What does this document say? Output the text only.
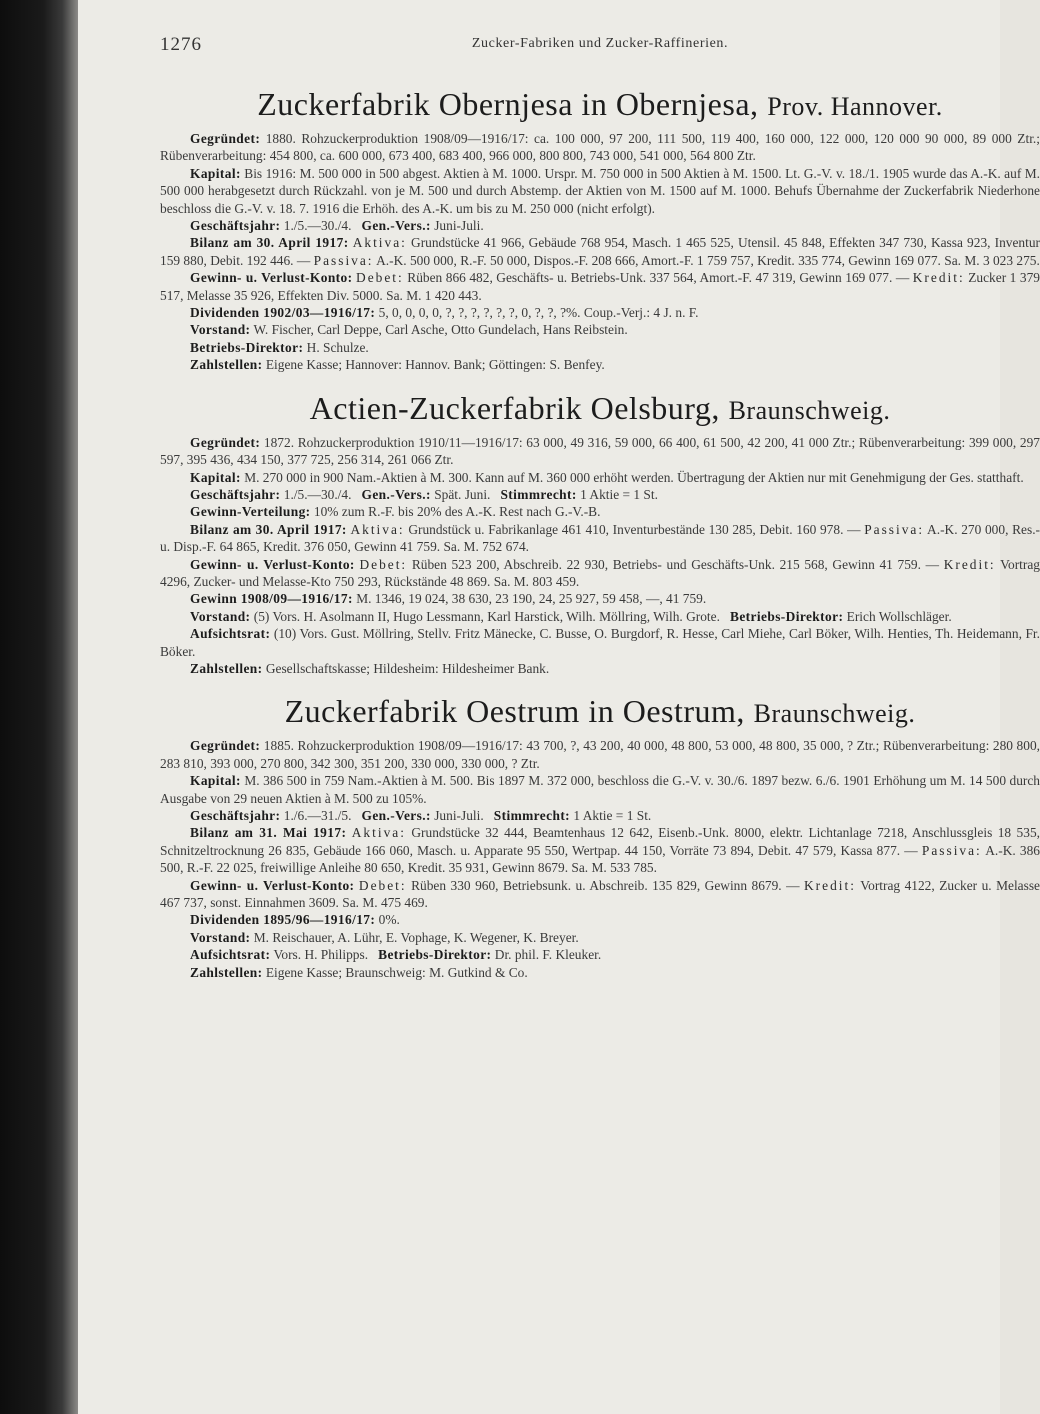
1276	Zucker-Fabriken und Zucker-Raffinerien.
Zuckerfabrik Obernjesa in Obernjesa, Prov. Hannover.

Gegründet: 1880. Rohzuckerproduktion 1908/09—1916/17: ca. 100 000, 97 200, 111 500, 119 400, 160 000, 122 000, 120 000 90 000, 89 000 Ztr.; Rübenverarbeitung: 454 800, ca. 600 000, 673 400, 683 400, 966 000, 800 800, 743 000, 541 000, 564 800 Ztr.

Kapital: Bis 1916: M. 500 000 in 500 abgest. Aktien à M. 1000. Urspr. M. 750 000 in 500 Aktien à M. 1500. Lt. G.-V. v. 18./1. 1905 wurde das A.-K. auf M. 500 000 herabgesetzt durch Rückzahl. von je M. 500 und durch Abstemp. der Aktien von M. 1500 auf M. 1000. Behufs Übernahme der Zuckerfabrik Niederhone beschloss die G.-V. v. 18. 7. 1916 die Erhöh. des A.-K. um bis zu M. 250 000 (nicht erfolgt).

Geschäftsjahr: 1./5.—30./4. Gen.-Vers.: Juni-Juli.

Bilanz am 30. April 1917: Aktiva: Grundstücke 41 966, Gebäude 768 954, Masch. 1 465 525, Utensil. 45 848, Effekten 347 730, Kassa 923, Inventur 159 880, Debit. 192 446. — Passiva: A.-K. 500 000, R.-F. 50 000, Dispos.-F. 208 666, Amort.-F. 1 759 757, Kredit. 335 774, Gewinn 169 077. Sa. M. 3 023 275.

Gewinn- u. Verlust-Konto: Debet: Rüben 866 482, Geschäfts- u. Betriebs-Unk. 337 564, Amort.-F. 47 319, Gewinn 169 077. — Kredit: Zucker 1 379 517, Melasse 35 926, Effekten Div. 5000. Sa. M. 1 420 443.

Dividenden 1902/03—1916/17: 5, 0, 0, 0, 0, ?, ?, ?, ?, ?, ?, 0, ?, ?, ?%. Coup.-Verj.: 4 J. n. F.

Vorstand: W. Fischer, Carl Deppe, Carl Asche, Otto Gundelach, Hans Reibstein.

Betriebs-Direktor: H. Schulze.

Zahlstellen: Eigene Kasse; Hannover: Hannov. Bank; Göttingen: S. Benfey.

Actien-Zuckerfabrik Oelsburg, Braunschweig.

Gegründet: 1872. Rohzuckerproduktion 1910/11—1916/17: 63 000, 49 316, 59 000, 66 400, 61 500, 42 200, 41 000 Ztr.; Rübenverarbeitung: 399 000, 297 597, 395 436, 434 150, 377 725, 256 314, 261 066 Ztr.

Kapital: M. 270 000 in 900 Nam.-Aktien à M. 300. Kann auf M. 360 000 erhöht werden. Übertragung der Aktien nur mit Genehmigung der Ges. statthaft.

Geschäftsjahr: 1./5.—30./4. Gen.-Vers.: Spät. Juni. Stimmrecht: 1 Aktie = 1 St.

Gewinn-Verteilung: 10% zum R.-F. bis 20% des A.-K. Rest nach G.-V.-B.

Bilanz am 30. April 1917: Aktiva: Grundstück u. Fabrikanlage 461 410, Inventurbestände 130 285, Debit. 160 978. — Passiva: A.-K. 270 000, Res.- u. Disp.-F. 64 865, Kredit. 376 050, Gewinn 41 759. Sa. M. 752 674.

Gewinn- u. Verlust-Konto: Debet: Rüben 523 200, Abschreib. 22 930, Betriebs- und Geschäfts-Unk. 215 568, Gewinn 41 759. — Kredit: Vortrag 4296, Zucker- und Melasse-Kto 750 293, Rückstände 48 869. Sa. M. 803 459.

Gewinn 1908/09—1916/17: M. 1346, 19 024, 38 630, 23 190, 24, 25 927, 59 458, —, 41 759.

Vorstand: (5) Vors. H. Asolmann II, Hugo Lessmann, Karl Harstick, Wilh. Möllring, Wilh. Grote. Betriebs-Direktor: Erich Wollschläger.

Aufsichtsrat: (10) Vors. Gust. Möllring, Stellv. Fritz Mänecke, C. Busse, O. Burgdorf, R. Hesse, Carl Miehe, Carl Böker, Wilh. Henties, Th. Heidemann, Fr. Böker.

Zahlstellen: Gesellschaftskasse; Hildesheim: Hildesheimer Bank.

Zuckerfabrik Oestrum in Oestrum, Braunschweig.

Gegründet: 1885. Rohzuckerproduktion 1908/09—1916/17: 43 700, ?, 43 200, 40 000, 48 800, 53 000, 48 800, 35 000, ? Ztr.; Rübenverarbeitung: 280 800, 283 810, 393 000, 270 800, 342 300, 351 200, 330 000, 330 000, ? Ztr.

Kapital: M. 386 500 in 759 Nam.-Aktien à M. 500. Bis 1897 M. 372 000, beschloss die G.-V. v. 30./6. 1897 bezw. 6./6. 1901 Erhöhung um M. 14 500 durch Ausgabe von 29 neuen Aktien à M. 500 zu 105%.

Geschäftsjahr: 1./6.—31./5. Gen.-Vers.: Juni-Juli. Stimmrecht: 1 Aktie = 1 St.

Bilanz am 31. Mai 1917: Aktiva: Grundstücke 32 444, Beamtenhaus 12 642, Eisenb.-Unk. 8000, elektr. Lichtanlage 7218, Anschlussgleis 18 535, Schnitzeltrocknung 26 835, Gebäude 166 060, Masch. u. Apparate 95 550, Wertpap. 44 150, Vorräte 73 894, Debit. 47 579, Kassa 877. — Passiva: A.-K. 386 500, R.-F. 22 025, freiwillige Anleihe 80 650, Kredit. 35 931, Gewinn 8679. Sa. M. 533 785.

Gewinn- u. Verlust-Konto: Debet: Rüben 330 960, Betriebsunk. u. Abschreib. 135 829, Gewinn 8679. — Kredit: Vortrag 4122, Zucker u. Melasse 467 737, sonst. Einnahmen 3609. Sa. M. 475 469.

Dividenden 1895/96—1916/17: 0%.

Vorstand: M. Reischauer, A. Lühr, E. Vophage, K. Wegener, K. Breyer.

Aufsichtsrat: Vors. H. Philipps. Betriebs-Direktor: Dr. phil. F. Kleuker.

Zahlstellen: Eigene Kasse; Braunschweig: M. Gutkind & Co.
